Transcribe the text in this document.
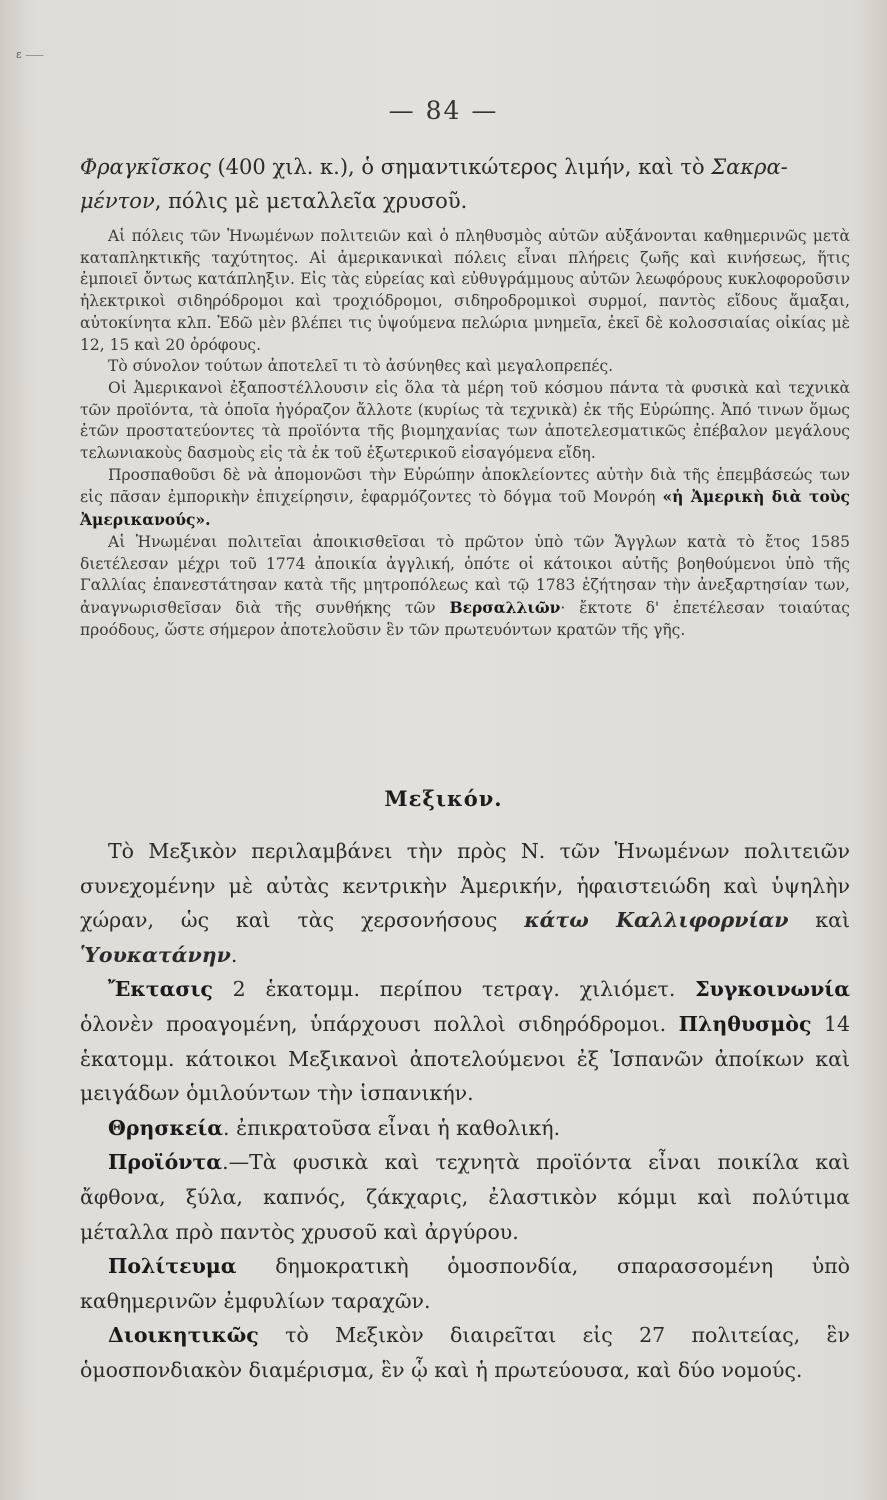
ε ⸺
— 84 —
Φραγκῖσκος (400 χιλ. κ.), ὁ σημαντικώτερος λιμήν, καὶ τὸ Σακρα-
μέντον, πόλις μὲ μεταλλεῖα χρυσοῦ.

Αἱ πόλεις τῶν Ἡνωμένων πολιτειῶν καὶ ὁ πληθυσμὸς αὐτῶν αὐξάνονται καθημερινῶς μετὰ καταπληκτικῆς ταχύτητος. Αἱ ἀμερικανικαὶ πόλεις εἶναι πλήρεις ζωῆς καὶ κινήσεως, ἥτις ἐμποιεῖ ὄντως κατάπληξιν. Εἰς τὰς εὐρείας καὶ εὐθυγράμμους αὐτῶν λεωφόρους κυκλοφοροῦσιν ἠλεκτρικοὶ σιδηρόδρομοι καὶ τροχιόδρομοι, σιδηροδρομικοὶ συρμοί, παντὸς εἴδους ἅμαξαι, αὐτοκίνητα κλπ. Ἐδῶ μὲν βλέπει τις ὑψούμενα πελώρια μνημεῖα, ἐκεῖ δὲ κολοσσιαίας οἰκίας μὲ 12, 15 καὶ 20 ὀρόφους.

Τὸ σύνολον τούτων ἀποτελεῖ τι τὸ ἀσύνηθες καὶ μεγαλοπρεπές.

Οἱ Ἀμερικανοὶ ἐξαποστέλλουσιν εἰς ὅλα τὰ μέρη τοῦ κόσμου πάντα τὰ φυσικὰ καὶ τεχνικὰ τῶν προϊόντα, τὰ ὁποῖα ἠγόραζον ἄλλοτε (κυρίως τὰ τεχνικὰ) ἐκ τῆς Εὐρώπης. Ἀπό τινων ὅμως ἐτῶν προστατεύοντες τὰ προϊόντα τῆς βιομηχανίας των ἀποτελεσματικῶς ἐπέβαλον μεγάλους τελωνιακοὺς δασμοὺς εἰς τὰ ἐκ τοῦ ἐξωτερικοῦ εἰσαγόμενα εἴδη.

Προσπαθοῦσι δὲ νὰ ἀπομονῶσι τὴν Εὐρώπην ἀποκλείοντες αὐτὴν διὰ τῆς ἐπεμβάσεώς των εἰς πᾶσαν ἐμπορικὴν ἐπιχείρησιν, ἐφαρμόζοντες τὸ δόγμα τοῦ Μονρόη «ἡ Ἀμερικὴ διὰ τοὺς Ἀμερικανούς».

Αἱ Ἡνωμέναι πολιτεῖαι ἀποικισθεῖσαι τὸ πρῶτον ὑπὸ τῶν Ἄγγλων κατὰ τὸ ἔτος 1585 διετέλεσαν μέχρι τοῦ 1774 ἀποικία ἀγγλική, ὁπότε οἱ κάτοικοι αὐτῆς βοηθούμενοι ὑπὸ τῆς Γαλλίας ἐπανεστάτησαν κατὰ τῆς μητροπόλεως καὶ τῷ 1783 ἐζήτησαν τὴν ἀνεξαρτησίαν των, ἀναγνωρισθεῖσαν διὰ τῆς συνθήκης τῶν Βερσαλλιῶν· ἔκτοτε δ' ἐπετέλεσαν τοιαύτας προόδους, ὥστε σήμερον ἀποτελοῦσιν ἓν τῶν πρωτευόντων κρατῶν τῆς γῆς.

Μεξικόν.

Τὸ Μεξικὸν περιλαμβάνει τὴν πρὸς Ν. τῶν Ἡνωμένων πολιτειῶν συνεχομένην μὲ αὐτὰς κεντρικὴν Ἀμερικήν, ἡφαιστειώδη καὶ ὑψηλὴν χώραν, ὡς καὶ τὰς χερσονήσους κάτω Καλλιφορνίαν καὶ Ὑουκατάνην.

Ἔκτασις 2 ἑκατομμ. περίπου τετραγ. χιλιόμετ. Συγκοινωνία ὁλονὲν προαγομένη, ὑπάρχουσι πολλοὶ σιδηρόδρομοι. Πληθυσμὸς 14 ἑκατομμ. κάτοικοι Μεξικανοὶ ἀποτελούμενοι ἐξ Ἱσπανῶν ἀποίκων καὶ μειγάδων ὁμιλούντων τὴν ἱσπανικήν.

Θρησκεία. ἐπικρατοῦσα εἶναι ἡ καθολική.

Προϊόντα.—Τὰ φυσικὰ καὶ τεχνητὰ προϊόντα εἶναι ποικίλα καὶ ἄφθονα, ξύλα, καπνός, ζάκχαρις, ἐλαστικὸν κόμμι καὶ πολύτιμα μέταλλα πρὸ παντὸς χρυσοῦ καὶ ἀργύρου.

Πολίτευμα δημοκρατικὴ ὁμοσπονδία, σπαρασσομένη ὑπὸ καθημερινῶν ἐμφυλίων ταραχῶν.

Διοικητικῶς τὸ Μεξικὸν διαιρεῖται εἰς 27 πολιτείας, ἓν ὁμοσπονδιακὸν διαμέρισμα, ἓν ᾧ καὶ ἡ πρωτεύουσα, καὶ δύο νομούς.
